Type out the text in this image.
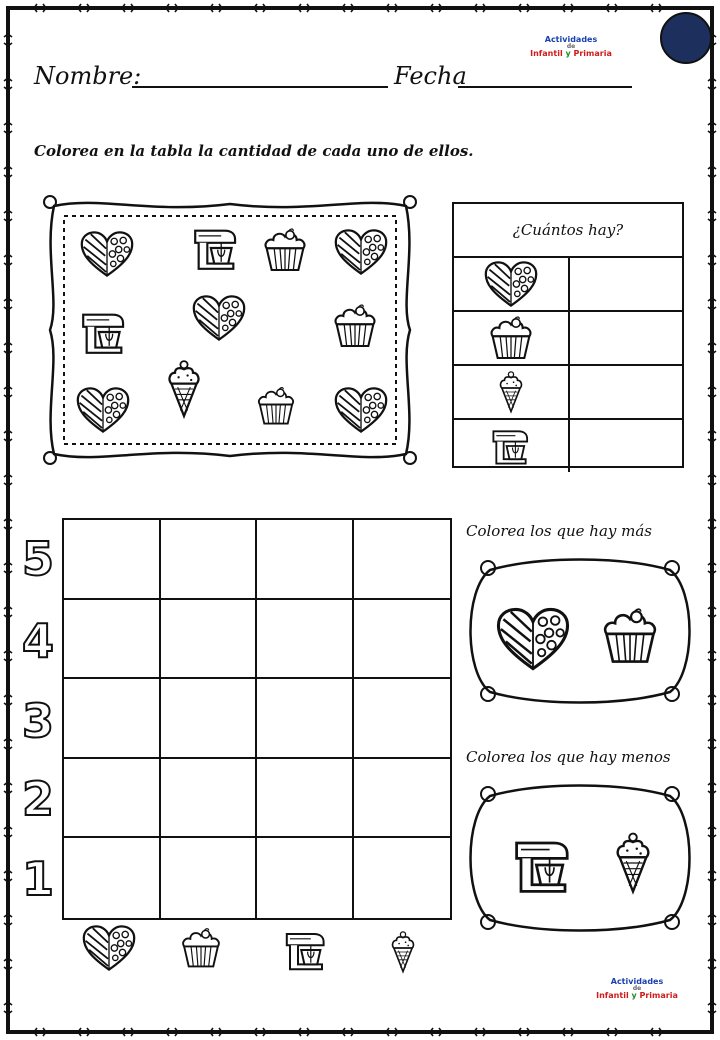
Actividades
de
Infantil y Primaria
Nombre:	Fecha
Colorea en la tabla la cantidad de cada uno de ellos.
¿Cuántos hay?
5
4
3
2
1
Colorea los que hay más
Colorea los que hay menos
Actividades
de
Infantil y Primaria
